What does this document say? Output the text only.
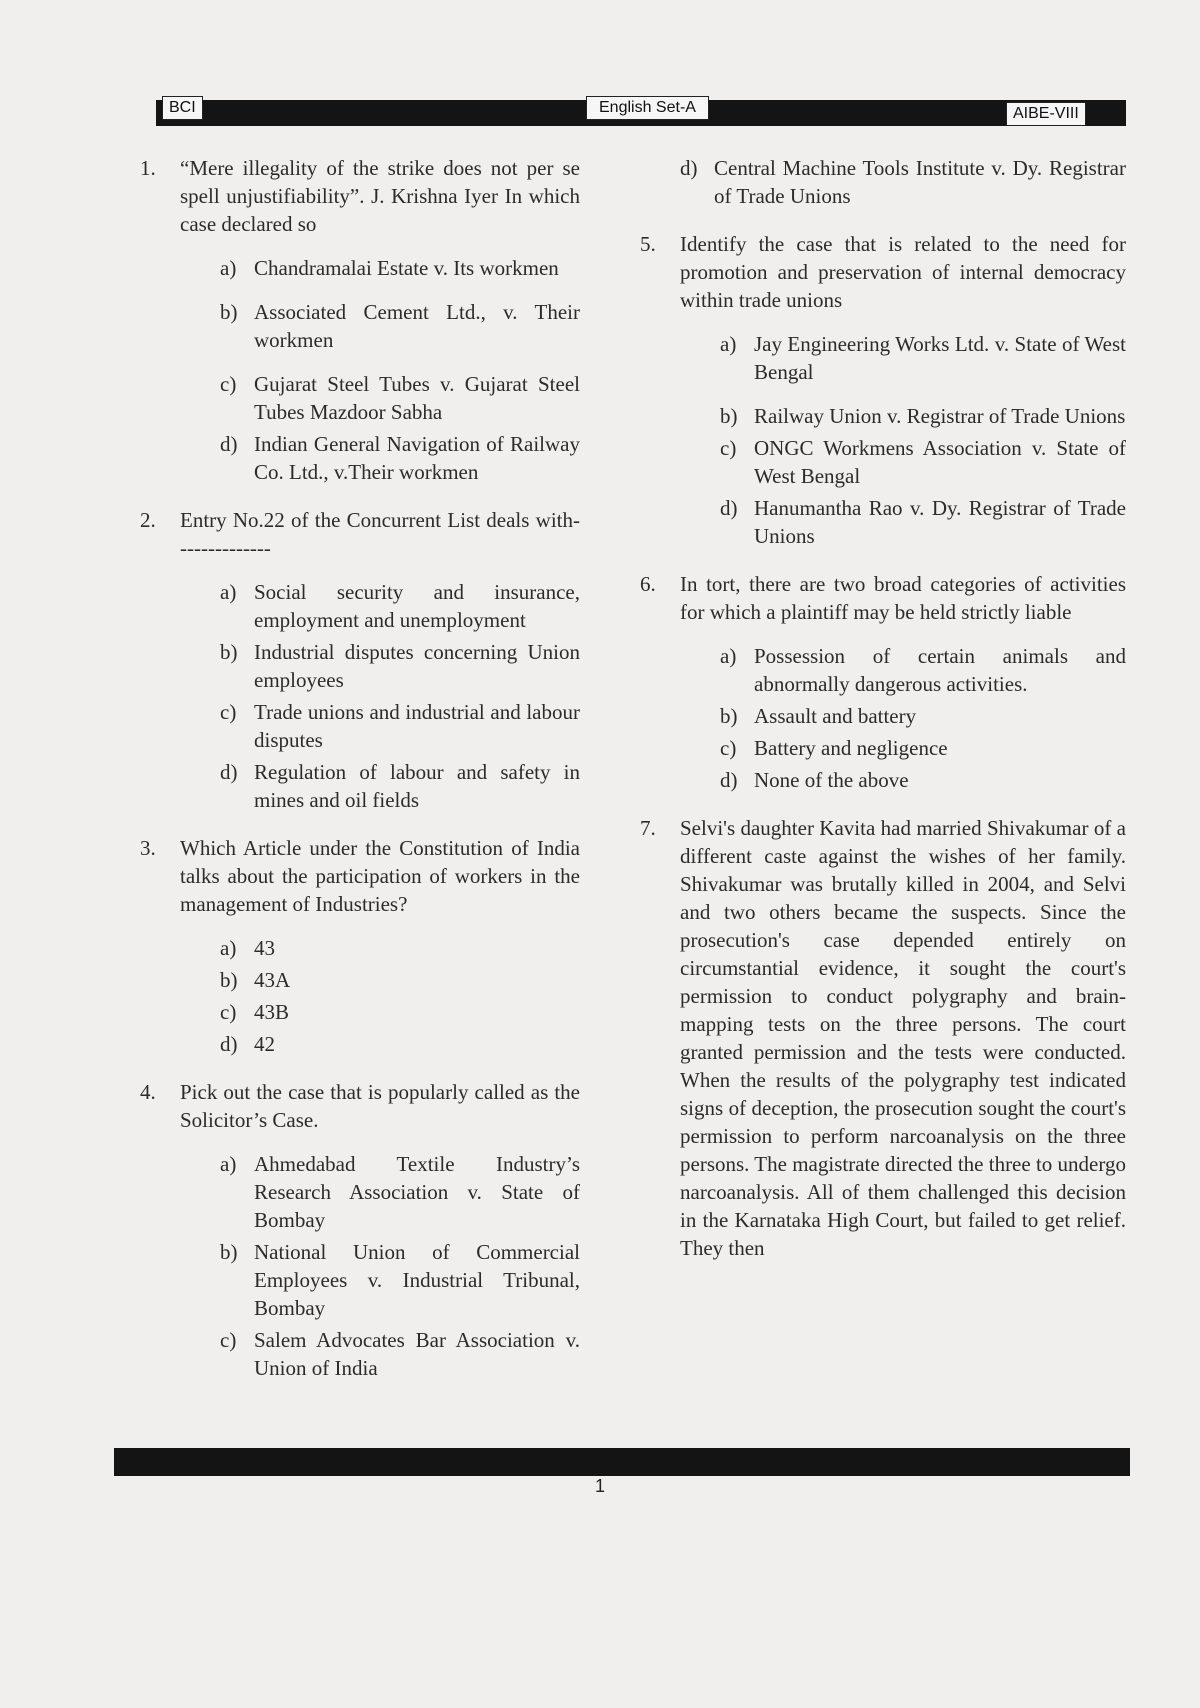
BCI	English Set-A	AIBE-VIII
1. “Mere illegality of the strike does not per se spell unjustifiability”. J. Krishna Iyer In which case declared so
a) Chandramalai Estate v. Its workmen
b) Associated Cement Ltd., v. Their workmen
c) Gujarat Steel Tubes v. Gujarat Steel Tubes Mazdoor Sabha
d) Indian General Navigation of Railway Co. Ltd., v.Their workmen
2. Entry No.22 of the Concurrent List deals with--------------
a) Social security and insurance, employment and unemployment
b) Industrial disputes concerning Union employees
c) Trade unions and industrial and labour disputes
d) Regulation of labour and safety in mines and oil fields
3. Which Article under the Constitution of India talks about the participation of workers in the management of Industries?
a) 43
b) 43A
c) 43B
d) 42
4. Pick out the case that is popularly called as the Solicitor’s Case.
a) Ahmedabad Textile Industry’s Research Association v. State of Bombay
b) National Union of Commercial Employees v. Industrial Tribunal, Bombay
c) Salem Advocates Bar Association v. Union of India
d) Central Machine Tools Institute v. Dy. Registrar of Trade Unions
5. Identify the case that is related to the need for promotion and preservation of internal democracy within trade unions
a) Jay Engineering Works Ltd. v. State of West Bengal
b) Railway Union v. Registrar of Trade Unions
c) ONGC Workmens Association v. State of West Bengal
d) Hanumantha Rao v. Dy. Registrar of Trade Unions
6. In tort, there are two broad categories of activities for which a plaintiff may be held strictly liable
a) Possession of certain animals and abnormally dangerous activities.
b) Assault and battery
c) Battery and negligence
d) None of the above
7. Selvi's daughter Kavita had married Shivakumar of a different caste against the wishes of her family. Shivakumar was brutally killed in 2004, and Selvi and two others became the suspects. Since the prosecution's case depended entirely on circumstantial evidence, it sought the court's permission to conduct polygraphy and brain-mapping tests on the three persons. The court granted permission and the tests were conducted. When the results of the polygraphy test indicated signs of deception, the prosecution sought the court's permission to perform narcoanalysis on the three persons. The magistrate directed the three to undergo narcoanalysis. All of them challenged this decision in the Karnataka High Court, but failed to get relief. They then
1
